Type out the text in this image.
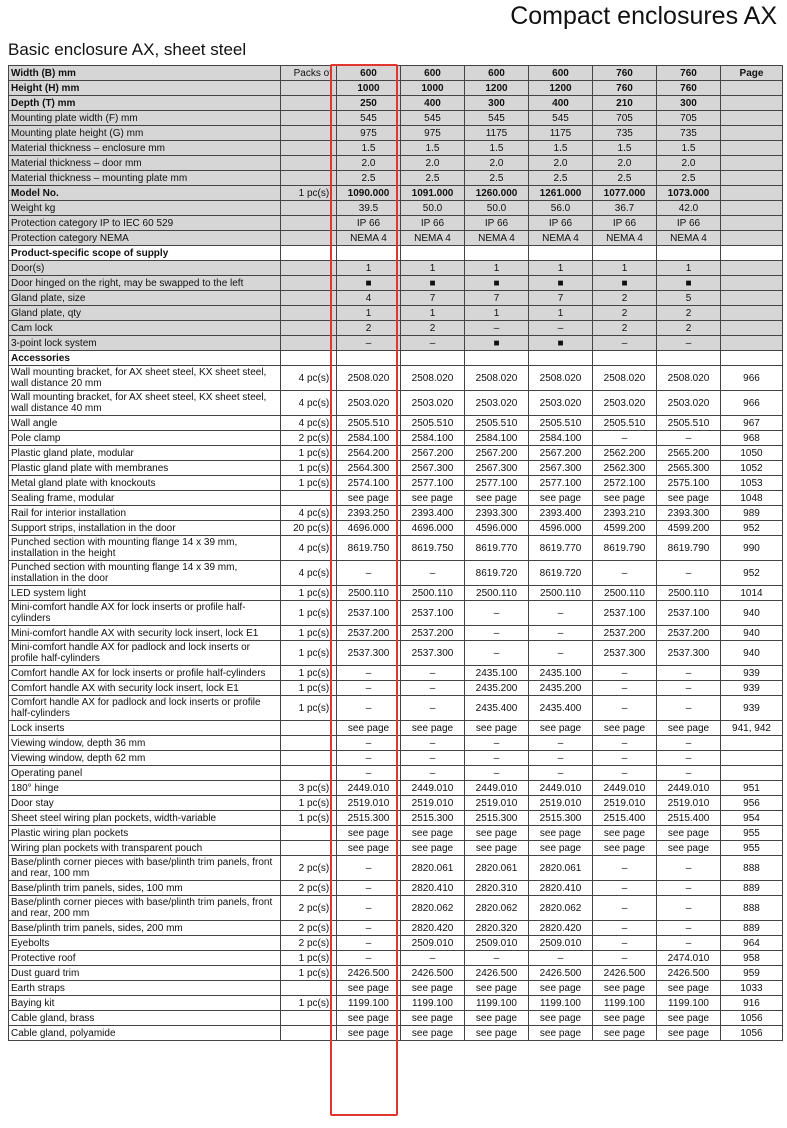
Compact enclosures AX
Basic enclosure AX, sheet steel
Width (B) mm	Packs of	600	600	600	600	760	760	Page
Height (H) mm		1000	1000	1200	1200	760	760	
Depth (T) mm		250	400	300	400	210	300	
Mounting plate width (F) mm		545	545	545	545	705	705	
Mounting plate height (G) mm		975	975	1175	1175	735	735	
Material thickness – enclosure mm		1.5	1.5	1.5	1.5	1.5	1.5	
Material thickness – door mm		2.0	2.0	2.0	2.0	2.0	2.0	
Material thickness – mounting plate mm		2.5	2.5	2.5	2.5	2.5	2.5	
Model No.	1 pc(s).	1090.000	1091.000	1260.000	1261.000	1077.000	1073.000	
Weight kg		39.5	50.0	50.0	56.0	36.7	42.0	
Protection category IP to IEC 60 529		IP 66	IP 66	IP 66	IP 66	IP 66	IP 66	
Protection category NEMA		NEMA 4	NEMA 4	NEMA 4	NEMA 4	NEMA 4	NEMA 4	
Product-specific scope of supply								
Door(s)		1	1	1	1	1	1	
Door hinged on the right, may be swapped to the left		■	■	■	■	■	■	
Gland plate, size		4	7	7	7	2	5	
Gland plate, qty		1	1	1	1	2	2	
Cam lock		2	2	–	–	2	2	
3-point lock system		–	–	■	■	–	–	
Accessories								
Wall mounting bracket, for AX sheet steel, KX sheet steel, wall distance 20 mm	4 pc(s).	2508.020	2508.020	2508.020	2508.020	2508.020	2508.020	966
Wall mounting bracket, for AX sheet steel, KX sheet steel, wall distance 40 mm	4 pc(s).	2503.020	2503.020	2503.020	2503.020	2503.020	2503.020	966
Wall angle	4 pc(s).	2505.510	2505.510	2505.510	2505.510	2505.510	2505.510	967
Pole clamp	2 pc(s).	2584.100	2584.100	2584.100	2584.100	–	–	968
Plastic gland plate, modular	1 pc(s).	2564.200	2567.200	2567.200	2567.200	2562.200	2565.200	1050
Plastic gland plate with membranes	1 pc(s).	2564.300	2567.300	2567.300	2567.300	2562.300	2565.300	1052
Metal gland plate with knockouts	1 pc(s).	2574.100	2577.100	2577.100	2577.100	2572.100	2575.100	1053
Sealing frame, modular		see page	see page	see page	see page	see page	see page	1048
Rail for interior installation	4 pc(s).	2393.250	2393.400	2393.300	2393.400	2393.210	2393.300	989
Support strips, installation in the door	20 pc(s).	4696.000	4696.000	4596.000	4596.000	4599.200	4599.200	952
Punched section with mounting flange 14 x 39 mm, installation in the height	4 pc(s).	8619.750	8619.750	8619.770	8619.770	8619.790	8619.790	990
Punched section with mounting flange 14 x 39 mm, installation in the door	4 pc(s).	–	–	8619.720	8619.720	–	–	952
LED system light	1 pc(s).	2500.110	2500.110	2500.110	2500.110	2500.110	2500.110	1014
Mini-comfort handle AX for lock inserts or profile half-cylinders	1 pc(s).	2537.100	2537.100	–	–	2537.100	2537.100	940
Mini-comfort handle AX with security lock insert, lock E1	1 pc(s).	2537.200	2537.200	–	–	2537.200	2537.200	940
Mini-comfort handle AX for padlock and lock inserts or profile half-cylinders	1 pc(s).	2537.300	2537.300	–	–	2537.300	2537.300	940
Comfort handle AX for lock inserts or profile half-cylinders	1 pc(s).	–	–	2435.100	2435.100	–	–	939
Comfort handle AX with security lock insert, lock E1	1 pc(s).	–	–	2435.200	2435.200	–	–	939
Comfort handle AX for padlock and lock inserts or profile half-cylinders	1 pc(s).	–	–	2435.400	2435.400	–	–	939
Lock inserts		see page	see page	see page	see page	see page	see page	941, 942
Viewing window, depth 36 mm		–	–	–	–	–	–	
Viewing window, depth 62 mm		–	–	–	–	–	–	
Operating panel		–	–	–	–	–	–	
180° hinge	3 pc(s).	2449.010	2449.010	2449.010	2449.010	2449.010	2449.010	951
Door stay	1 pc(s).	2519.010	2519.010	2519.010	2519.010	2519.010	2519.010	956
Sheet steel wiring plan pockets, width-variable	1 pc(s).	2515.300	2515.300	2515.300	2515.300	2515.400	2515.400	954
Plastic wiring plan pockets		see page	see page	see page	see page	see page	see page	955
Wiring plan pockets with transparent pouch		see page	see page	see page	see page	see page	see page	955
Base/plinth corner pieces with base/plinth trim panels, front and rear, 100 mm	2 pc(s).	–	2820.061	2820.061	2820.061	–	–	888
Base/plinth trim panels, sides, 100 mm	2 pc(s).	–	2820.410	2820.310	2820.410	–	–	889
Base/plinth corner pieces with base/plinth trim panels, front and rear, 200 mm	2 pc(s).	–	2820.062	2820.062	2820.062	–	–	888
Base/plinth trim panels, sides, 200 mm	2 pc(s).	–	2820.420	2820.320	2820.420	–	–	889
Eyebolts	2 pc(s).	–	2509.010	2509.010	2509.010	–	–	964
Protective roof	1 pc(s).	–	–	–	–	–	2474.010	958
Dust guard trim	1 pc(s).	2426.500	2426.500	2426.500	2426.500	2426.500	2426.500	959
Earth straps		see page	see page	see page	see page	see page	see page	1033
Baying kit	1 pc(s).	1199.100	1199.100	1199.100	1199.100	1199.100	1199.100	916
Cable gland, brass		see page	see page	see page	see page	see page	see page	1056
Cable gland, polyamide		see page	see page	see page	see page	see page	see page	1056
